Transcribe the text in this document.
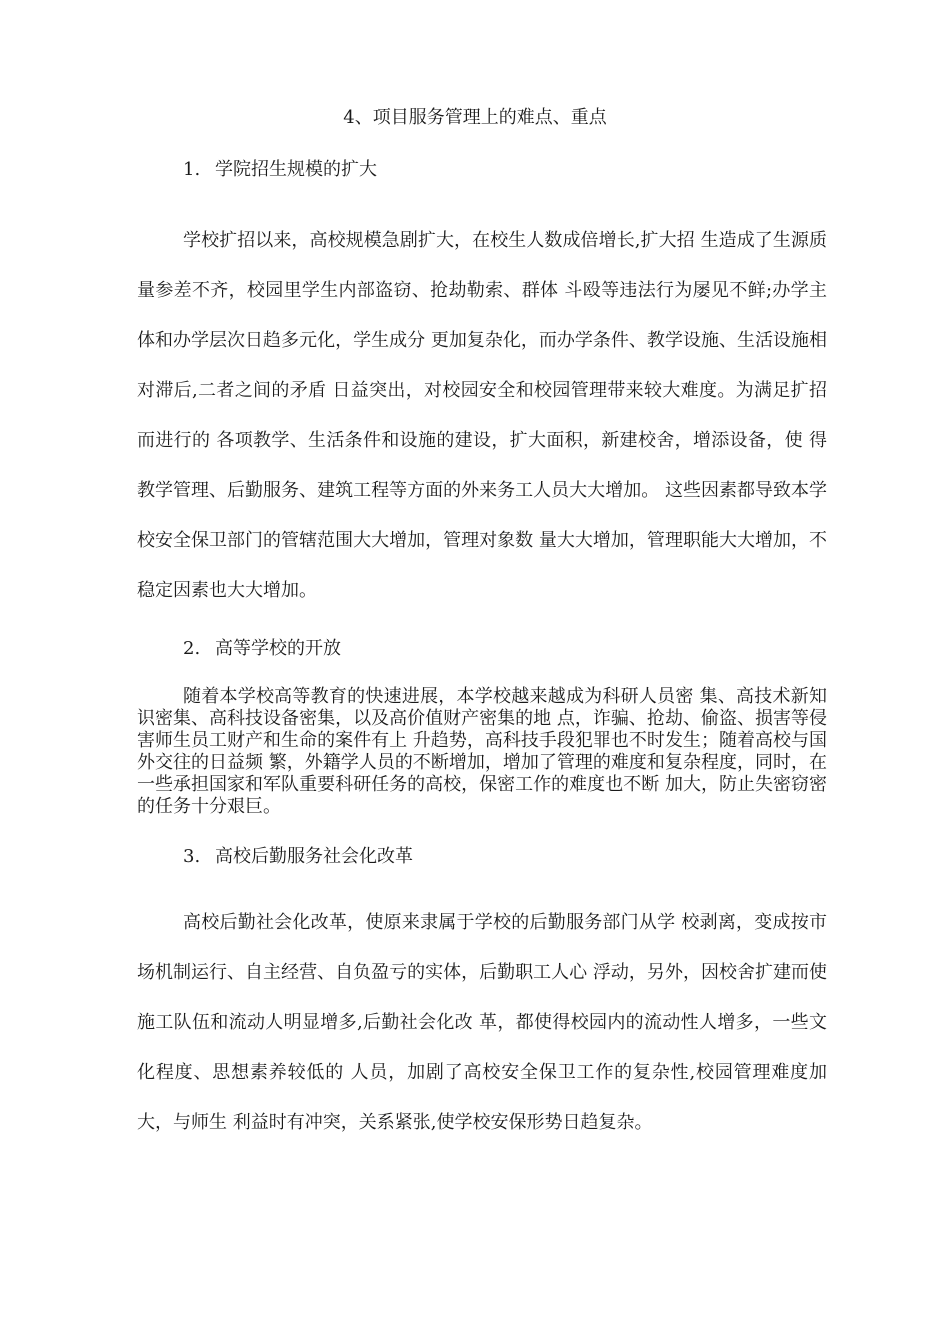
4、项目服务管理上的难点、重点
1. 学院招生规模的扩大

学校扩招以来，高校规模急剧扩大，在校生人数成倍增长,扩大招 生造成了生源质量参差不齐，校园里学生内部盗窃、抢劫勒索、群体 斗殴等违法行为屡见不鲜;办学主体和办学层次日趋多元化，学生成分 更加复杂化，而办学条件、教学设施、生活设施相对滞后,二者之间的矛盾 日益突出，对校园安全和校园管理带来较大难度。为满足扩招而进行的 各项教学、生活条件和设施的建设，扩大面积，新建校舍，增添设备，使 得教学管理、后勤服务、建筑工程等方面的外来务工人员大大增加。 这些因素都导致本学校安全保卫部门的管辖范围大大增加，管理对象数 量大大增加，管理职能大大增加，不稳定因素也大大增加。

2. 高等学校的开放

随着本学校高等教育的快速进展，本学校越来越成为科研人员密 集、高技术新知识密集、高科技设备密集，以及高价值财产密集的地 点，诈骗、抢劫、偷盗、损害等侵害师生员工财产和生命的案件有上 升趋势，高科技手段犯罪也不时发生；随着高校与国外交往的日益频 繁，外籍学人员的不断增加，增加了管理的难度和复杂程度，同时，在 一些承担国家和军队重要科研任务的高校，保密工作的难度也不断 加大，防止失密窃密的任务十分艰巨。

3. 高校后勤服务社会化改革

高校后勤社会化改革，使原来隶属于学校的后勤服务部门从学 校剥离，变成按市场机制运行、自主经营、自负盈亏的实体，后勤职工人心 浮动，另外，因校舍扩建而使施工队伍和流动人明显增多,后勤社会化改 革，都使得校园内的流动性人增多，一些文化程度、思想素养较低的 人员，加剧了高校安全保卫工作的复杂性,校园管理难度加大，与师生 利益时有冲突，关系紧张,使学校安保形势日趋复杂。
